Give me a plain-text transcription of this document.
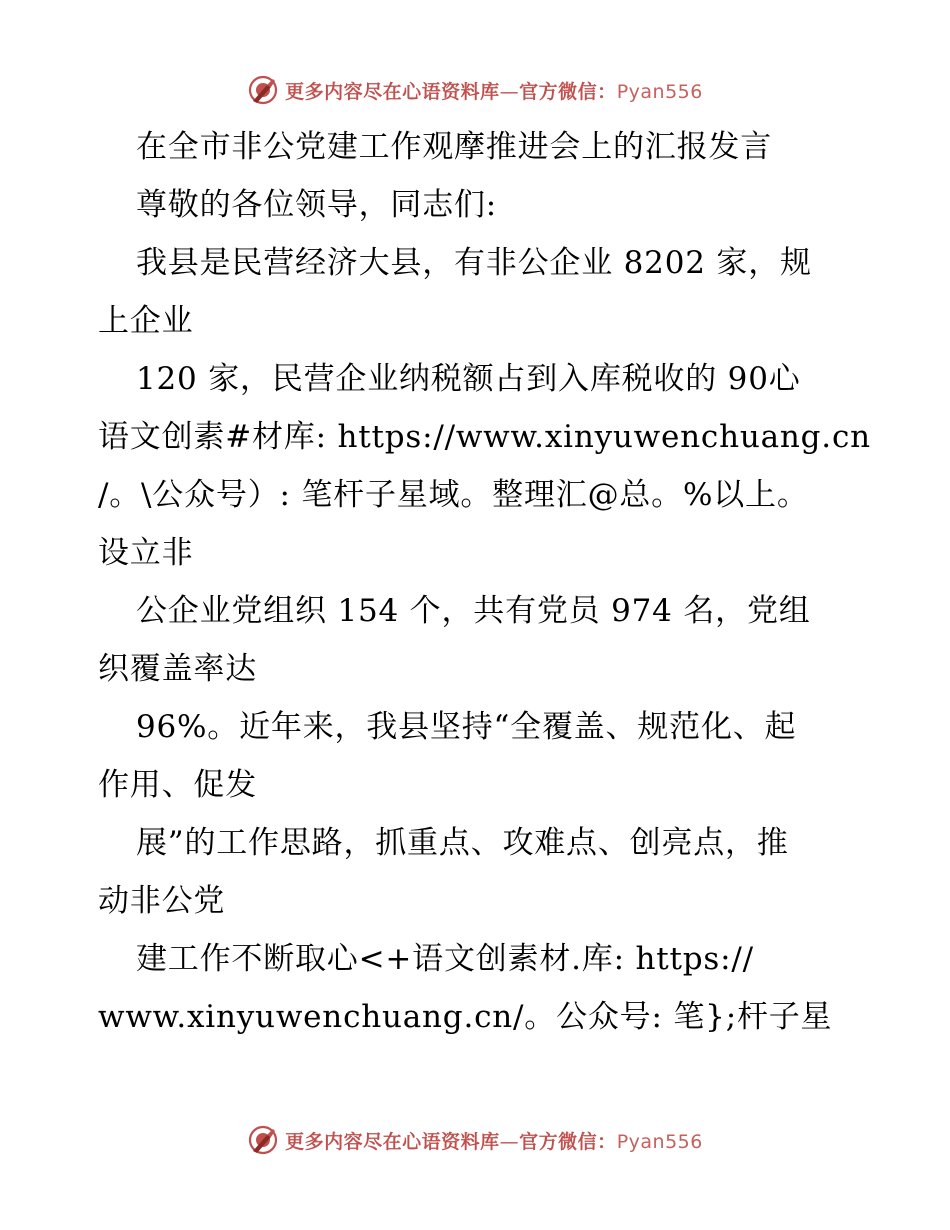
更多内容尽在心语资料库—官方微信：Pyan556
在全市非公党建工作观摩推进会上的汇报发言
尊敬的各位领导，同志们:
我县是民营经济大县，有非公企业 8202 家，规
上企业
120 家，民营企业纳税额占到入库税收的 90心
语文创素#材库: https://www.xinyuwenchuang.cn
/。\公众号）: 笔杆子星域。整理汇@总。%以上。
设立非
公企业党组织 154 个，共有党员 974 名，党组
织覆盖率达
96%。近年来，我县坚持“全覆盖、规范化、起
作用、促发
展”的工作思路，抓重点、攻难点、创亮点，推
动非公党
建工作不断取心<+语文创素材.库: https://
www.xinyuwenchuang.cn/。公众号: 笔};杆子星
更多内容尽在心语资料库—官方微信：Pyan556
